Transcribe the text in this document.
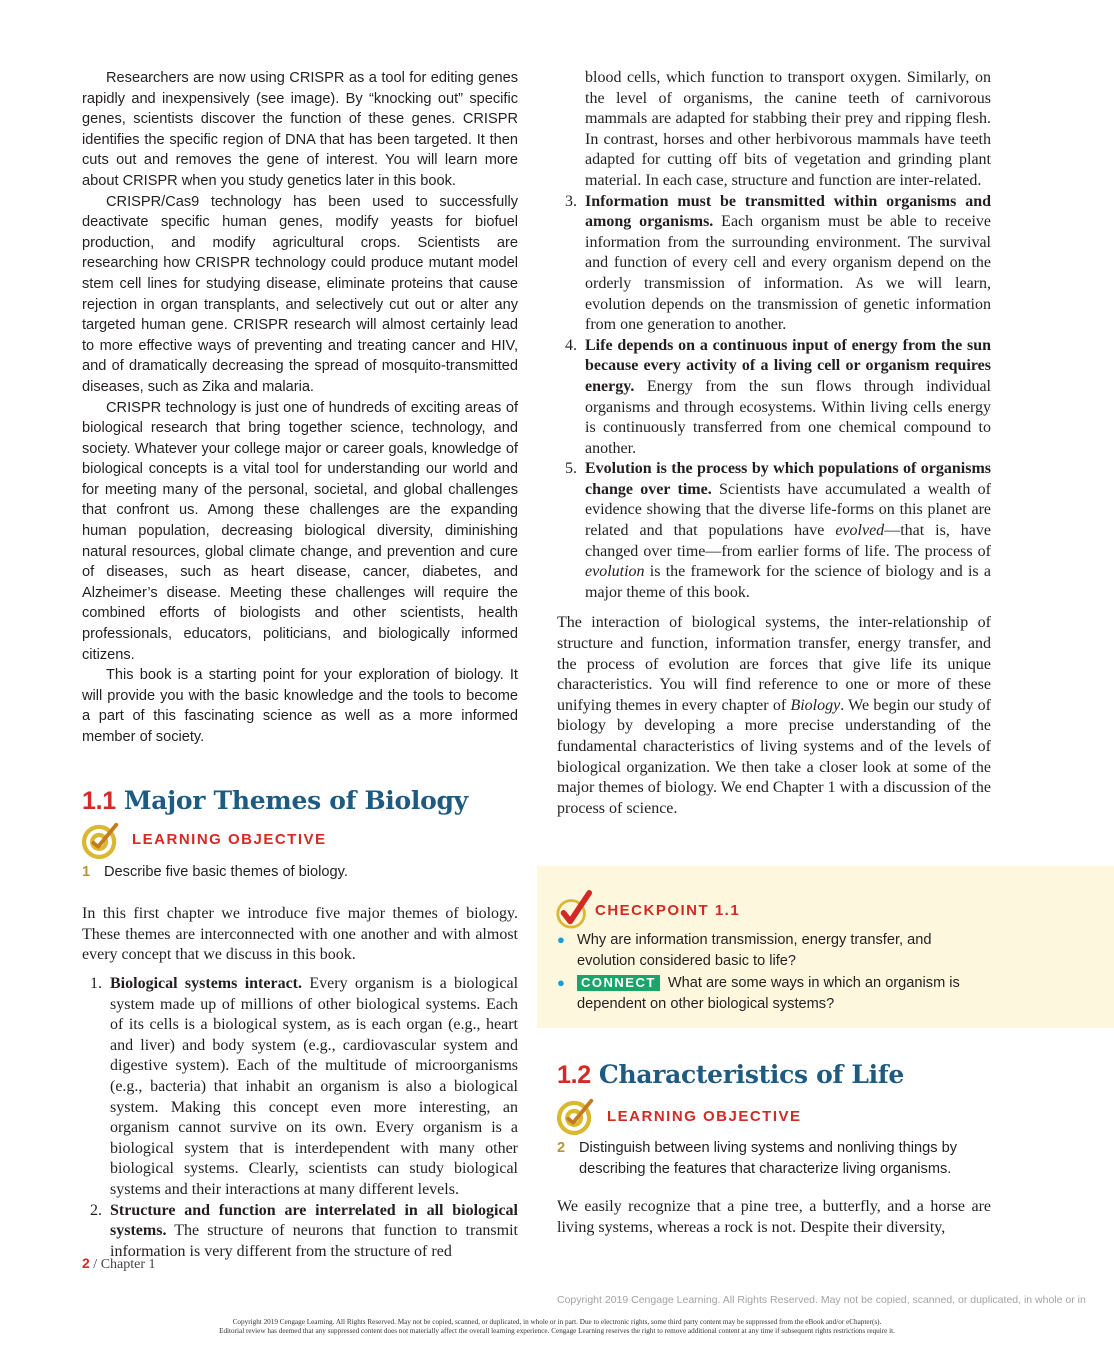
Researchers are now using CRISPR as a tool for editing genes rapidly and inexpensively (see image). By “knocking out” specific genes, scientists discover the function of these genes. CRISPR identifies the specific region of DNA that has been targeted. It then cuts out and removes the gene of interest. You will learn more about CRISPR when you study genetics later in this book.

CRISPR/Cas9 technology has been used to successfully deactivate specific human genes, modify yeasts for biofuel production, and modify agricultural crops. Scientists are researching how CRISPR technology could produce mutant model stem cell lines for studying disease, eliminate proteins that cause rejection in organ transplants, and selectively cut out or alter any targeted human gene. CRISPR research will almost certainly lead to more effective ways of preventing and treating cancer and HIV, and of dramatically decreasing the spread of mosquito-transmitted diseases, such as Zika and malaria.

CRISPR technology is just one of hundreds of exciting areas of biological research that bring together science, technology, and society. Whatever your college major or career goals, knowledge of biological concepts is a vital tool for understanding our world and for meeting many of the personal, societal, and global challenges that confront us. Among these challenges are the expanding human population, decreasing biological diversity, diminishing natural resources, global climate change, and prevention and cure of diseases, such as heart disease, cancer, diabetes, and Alzheimer’s disease. Meeting these challenges will require the combined efforts of biologists and other scientists, health professionals, educators, politicians, and biologically informed citizens.

This book is a starting point for your exploration of biology. It will provide you with the basic knowledge and the tools to become a part of this fascinating science as well as a more informed member of society.

1.1 Major Themes of Biology
LEARNING OBJECTIVE
1 Describe five basic themes of biology.

In this first chapter we introduce five major themes of biology. These themes are interconnected with one another and with almost every concept that we discuss in this book.

1. Biological systems interact. Every organism is a biological system made up of millions of other biological systems. Each of its cells is a biological system, as is each organ (e.g., heart and liver) and body system (e.g., cardiovascular system and digestive system). Each of the multitude of microorganisms (e.g., bacteria) that inhabit an organism is also a biological system. Making this concept even more interesting, an organism cannot survive on its own. Every organism is a biological system that is interdependent with many other biological systems. Clearly, scientists can study biological systems and their interactions at many different levels.
2. Structure and function are interrelated in all biological systems. The structure of neurons that function to transmit information is very different from the structure of red
blood cells, which function to transport oxygen. Similarly, on the level of organisms, the canine teeth of carnivorous mammals are adapted for stabbing their prey and ripping flesh. In contrast, horses and other herbivorous mammals have teeth adapted for cutting off bits of vegetation and grinding plant material. In each case, structure and function are inter-related.
3. Information must be transmitted within organisms and among organisms. Each organism must be able to receive information from the surrounding environment. The survival and function of every cell and every organism depend on the orderly transmission of information. As we will learn, evolution depends on the transmission of genetic information from one generation to another.
4. Life depends on a continuous input of energy from the sun because every activity of a living cell or organism requires energy. Energy from the sun flows through individual organisms and through ecosystems. Within living cells energy is continuously transferred from one chemical compound to another.
5. Evolution is the process by which populations of organisms change over time. Scientists have accumulated a wealth of evidence showing that the diverse life-forms on this planet are related and that populations have evolved—that is, have changed over time—from earlier forms of life. The process of evolution is the framework for the science of biology and is a major theme of this book.

The interaction of biological systems, the inter-relationship of structure and function, information transfer, energy transfer, and the process of evolution are forces that give life its unique characteristics. You will find reference to one or more of these unifying themes in every chapter of Biology. We begin our study of biology by developing a more precise understanding of the fundamental characteristics of living systems and of the levels of biological organization. We then take a closer look at some of the major themes of biology. We end Chapter 1 with a discussion of the process of science.

CHECKPOINT 1.1
● Why are information transmission, energy transfer, and evolution considered basic to life?
●	CONNECT What are some ways in which an organism is dependent on other biological systems?
1.2 Characteristics of Life
LEARNING OBJECTIVE
2 Distinguish between living systems and nonliving things by describing the features that characterize living organisms.

We easily recognize that a pine tree, a butterfly, and a horse are living systems, whereas a rock is not. Despite their diversity,

2 / Chapter 1
Copyright 2019 Cengage Learning. All Rights Reserved. May not be copied, scanned, or duplicated, in whole or in
Copyright 2019 Cengage Learning. All Rights Reserved. May not be copied, scanned, or duplicated, in whole or in part. Due to electronic rights, some third party content may be suppressed from the eBook and/or eChapter(s).
Editorial review has deemed that any suppressed content does not materially affect the overall learning experience. Cengage Learning reserves the right to remove additional content at any time if subsequent rights restrictions require it.
